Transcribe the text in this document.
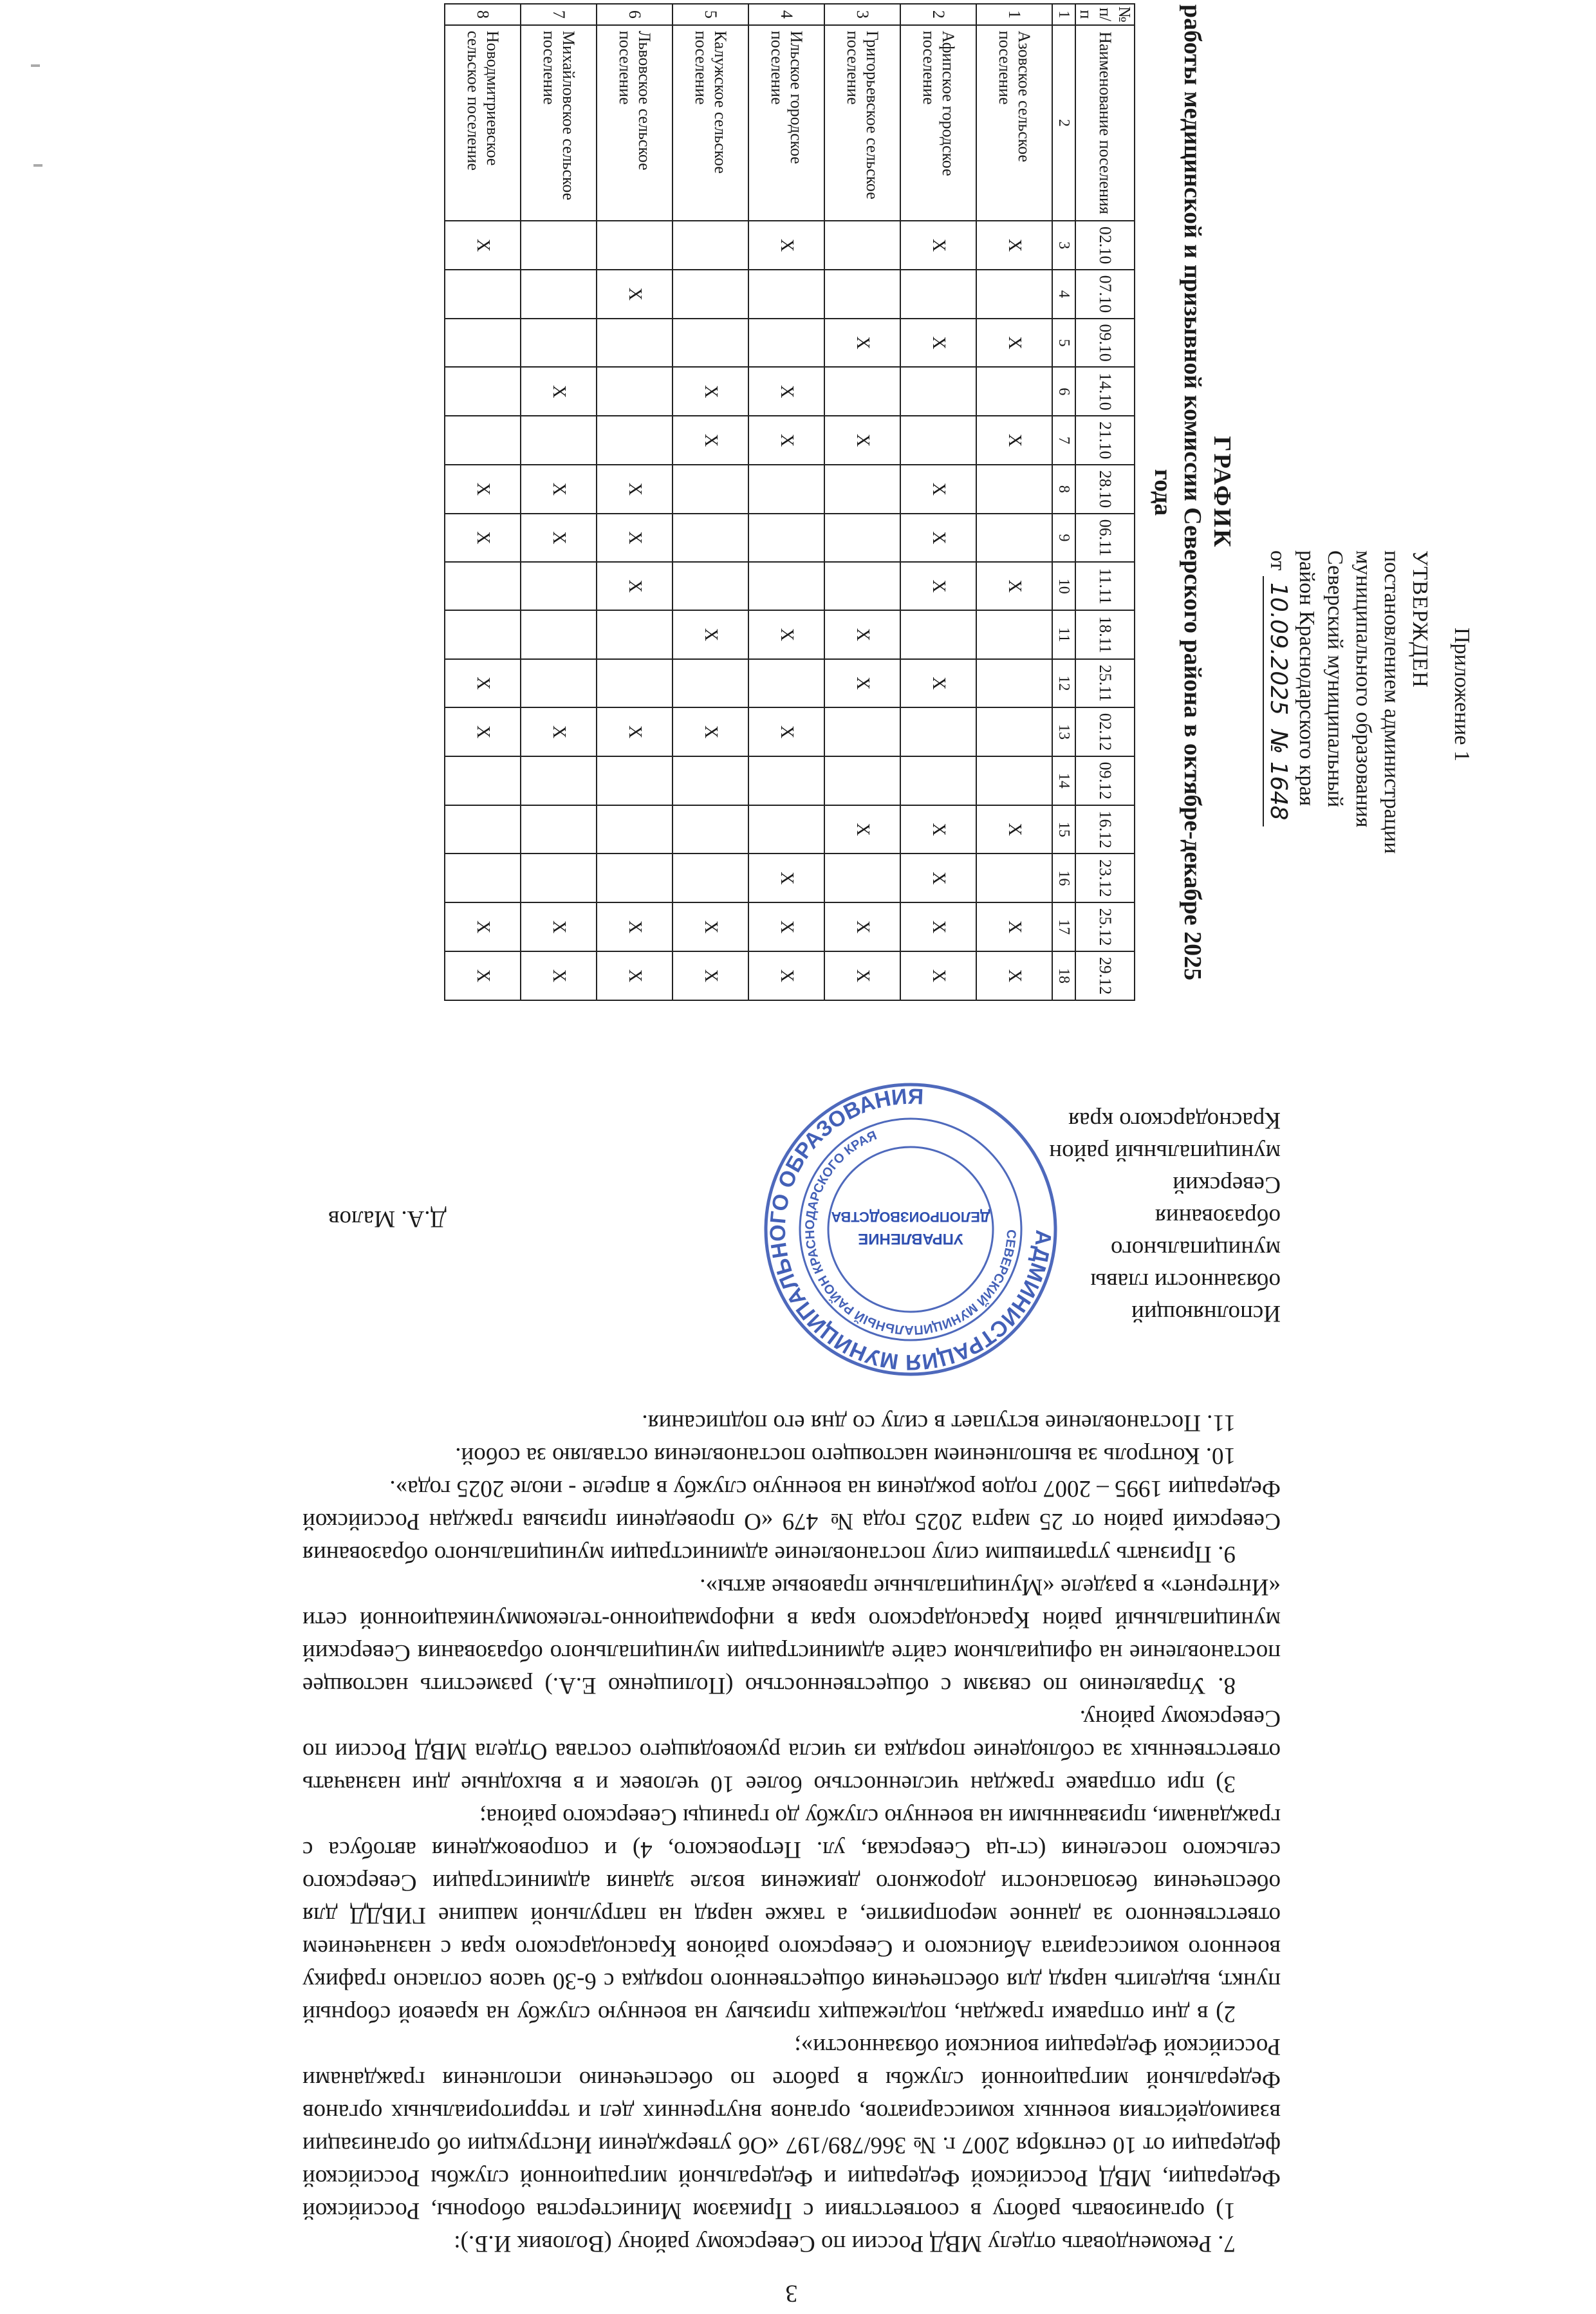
Приложение 1
УТВЕРЖДЕН
постановлением администрации
муниципального образования
Северский муниципальный
район Краснодарского края
от 10.09.2025  № 1648
ГРАФИК
работы медицинской и призывной комиссии Северского района в октябре-декабре 2025 года
№ п/п	Наименование поселения	02.10	07.10	09.10	14.10	21.10	28.10	06.11	11.11	18.11	25.11	02.12	09.12	16.12	23.12	25.12	29.12
1	2	3	4	5	6	7	8	9	10	11	12	13	14	15	16	17	18
1	Азовское сельское поселение	Х		Х		Х			Х					Х		Х	Х
2	Афипское городское поселение	Х		Х			Х	Х	Х		Х			Х	Х	Х	Х
3	Григорьевское сельское поселение			Х		Х				Х	Х			Х		Х	Х
4	Ильское городское поселение	Х			Х	Х				Х		Х			Х	Х	Х
5	Калужское сельское поселение				Х	Х				Х		Х				Х	Х
6	Львовское сельское поселение		Х				Х	Х	Х			Х				Х	Х
7	Михайловское сельское поселение				Х		Х	Х				Х				Х	Х
8	Новодмитриевское сельское поселение	Х					Х	Х			Х	Х				Х	Х
3

7. Рекомендовать отделу МВД России по Северскому району (Воловик И.Б.):

1) организовать работу в соответствии с Приказом Министерства обороны, Российской Федерации, МВД Российской Федерации и Федеральной миграционной службы Российской федерации от 10 сентября 2007 г. № 366/789/197 «Об утверждении Инструкции об организации взаимодействия военных комиссариатов, органов внутренних дел и территориальных органов Федеральной миграционной службы в работе по обеспечению исполнения гражданами Российской Федерации воинской обязанности»;

2) в дни отправки граждан, подлежащих призыву на военную службу на краевой сборный пункт, выделить наряд для обеспечения общественного порядка с 6-30 часов согласно графику военного комиссариата Абинского и Северского районов Краснодарского края с назначением ответственного за данное мероприятие, а также наряд на патрульной машине ГИБДД для обеспечения безопасности дорожного движения возле здания администрации Северского сельского поселения (ст-ца Северская, ул. Петровского, 4) и сопровождения автобуса с гражданами, призванными на военную службу до границы Северского района;

3) при отправке граждан численностью более 10 человек и в выходные дни назначать ответственных за соблюдение порядка из числа руководящего состава Отдела МВД России по Северскому району.

8. Управлению по связям с общественностью (Полищенко Е.А.) разместить настоящее постановление на официальном сайте администрации муниципального образования Северский муниципальный район Краснодарского края в информационно-телекоммуникационной сети «Интернет» в разделе «Муниципальные правовые акты».

9. Признать утратившим силу постановление администрации муниципального образования Северский район от 25 марта 2025 года № 479 «О проведении призыва граждан Российской Федерации 1995 – 2007 годов рождения на военную службу в апреле - июле 2025 года».

10. Контроль за выполнением настоящего постановления оставляю за собой.

11. Постановление вступает в силу со дня его подписания.

Исполняющий
обязанности главы
муниципального
образования
Северский
муниципальный район
Краснодарского края
Д.А. Малов
АДМИНИСТРАЦИЯ МУНИЦИПАЛЬНОГО ОБРАЗОВАНИЯ
СЕВЕРСКИЙ МУНИЦИПАЛЬНЫЙ РАЙОН КРАСНОДАРСКОГО КРАЯ
УПРАВЛЕНИЕ
ДЕЛОПРОИЗВОДСТВА
